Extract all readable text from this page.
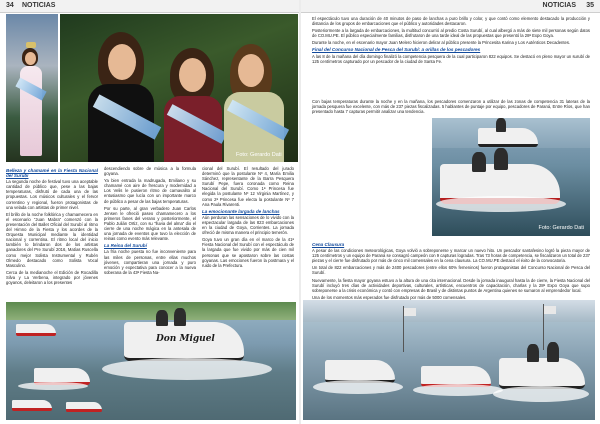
34 NOTICIAS	NOTICIAS 35
Foto: Gerardo Dati
Belleza y chamamé en la Fiesta Nacional del Surubí

La segunda noche de festival tuvo una aceptable cantidad de público que, pese a las bajas temperaturas, disfrutó de cada una de las propuestas. Los músicos culturales y el fervor correntino y regional, fueron protagonistas de una velada con artistas de primer nivel.

El brillo de la noche folklórica y chamamecera en el escenario “Juan Mabra” comenzó con la presentación del Ballet Oficial del Surubí al ritmo del Himno de la Fiesta y los acordes de la Orquesta Municipal mediante la identidad nacional y correntina. El ritmo local del inicio también lo brindaron dos de los artistas ganadores del Pre Surubí 2016, Matías Ruscella como mejor Solista Instrumental y Rubén Olmedo destacado como Solista Vocal Masculino.

Cerca de la medianoche el Edición de Rocadilla Silva y La Verbena, integrado por jóvenes goyanos, deleitaron a los presentes

descendiendo sobre de música a la formula goyana.

Ya bien entrada la madrugada, Emiliano y su chamamé con aire de frescura y modernidad a Los Velis le pusieron ritmo de carnavalito al entusiasmo que lucía con un importante marco de público a pesar de las bajas temperaturas.

Por su parte, al gran verbadero Juan Carlos Jensen le ofreció paseo chamamecero a los primeros fanes del verano y posteriormente, el Pablo Julián Ortiz, con su “lluvia del alma” dio el cierre de una noche mágica en la antesala de una jornada de eventos que tuvo la elección de reinas como evento más relevante.

La Reina del Surubí

La fría noche puesta no fue inconveniente para las miles de personas, entre ellas muchos jóvenes, compartieran una jornada y puro emoción y expectativa para conocer a la nueva soberana de la 43ª Fiesta Na-

cional del Surubí. El resultado del jurado determinó que la postulante Nº 4, María Emilia Sánchez, representante de la Barra Pesquera Surubí Pepe, fuera coronada como Reina Nacional del Surubí. Como 1ª Princesa fue elegida la postulante Nº 12 Virginia Martínez, y como 2ª Princesa fue electa la postulante Nº 7 Ana Paula Rivarenti.

La emocionante largada de lanchas

Aún perduran las sensaciones de lo vivido con la espectacular largada de las 823 embarcaciones en la ciudad de Goya, Corrientes. La jornada ofreció de misma manera el principio temerón.

Goya tuvo un gran día en el marco de la 41ª Fiesta Nacional del Surubí con el espectáculo de la largada que fue vivido por más de cien mil personas que se apostaron sobre las costas goyanas. Las emociones fueron la postmara y el ruido de la Prefectura.

Don Miguel

El espectáculo tuvo una duración de 40 minutos de paso de lanchas a puro brillo y color, y que contó como elemento destacado la producción y distancia de los grupos de embarcaciones que el público y autoridades destacaron.

Posteriormente a la largada de embarcaciones, la multitud concurrió al predio Costa Surubí, al cual albergó a más de siete mil personas según datos de CO.MU.PE. El público especialmente familias, disfrutaron de una tarde ideal de las propuestas que presentó la 28ª Expo Goya.

Durante la noche, en el escenario mayor Juan Melero hicieron delirar al público presente la Princesita Karina y Los Auténticos Decadentes.

Final del Concurso Nacional de Pesca del Surubí: a orillas de los pescadores

A las 8 de la mañana del día domingo finalizó la competencia pesquera de la cual participaron 822 equipos. Se destacó en pleno mayor un surubí de 125 centímetros capturado por un pescador de la ciudad de Santa Fe.

Con bajas temperaturas durante la noche y en la mañana, los pescadores comenzaron a utilizar de las zonas de competencia 31 lateras de la jornada pesquera fue excelente, con más de 237 piezas fiscalizadas. 5 hablantes de puntaje por equipo, pescadores de Paraná, Entre Ríos, que han presentado hasta 7 capturas permitir analizar una tendencia.

Foto: Gerardo Dati
Cena Clausura

A pesar de las condiciones meteorológicas, Goya volvió a sobreponerse y marcar un nuevo hito. Un pescador santafesino logró la pieza mayor de 125 centímetros y un equipo de Paraná se consagró campeón con 9 capturas logradas. Tras 73 horas de competencia, se fiscalizaron un total de 237 piezas y el cierre fue disfrutado por más de cinco mil comensales en la cena clausura. La CO.MU.PE destacó el éxito de la convocatoria.

Un total de 822 embarcaciones y más de 2400 pescadores (entre ellos 60% femeninos) fueron protagonistas del Concurso Nacional de Pesca del Surubí.

Nuevamente, la fiesta mayor goyana estuvo a la altura de una cita internacional. Desde la jornada inaugural hasta la de cierre, la Fiesta Nacional del Surubí incluyó tres días de actividades deportivas, culturales, artísticas, encuentros de capacitación, charlas y la 28ª Expo Goya que supo sobreponerse a la crisis económica y contó con empresas de Brasil y de distintas puntos de Argentina quienes se sumaron al emprendedor local.

Una de los momentos más esperados fue disfrutado por más de 5000 comensales.
